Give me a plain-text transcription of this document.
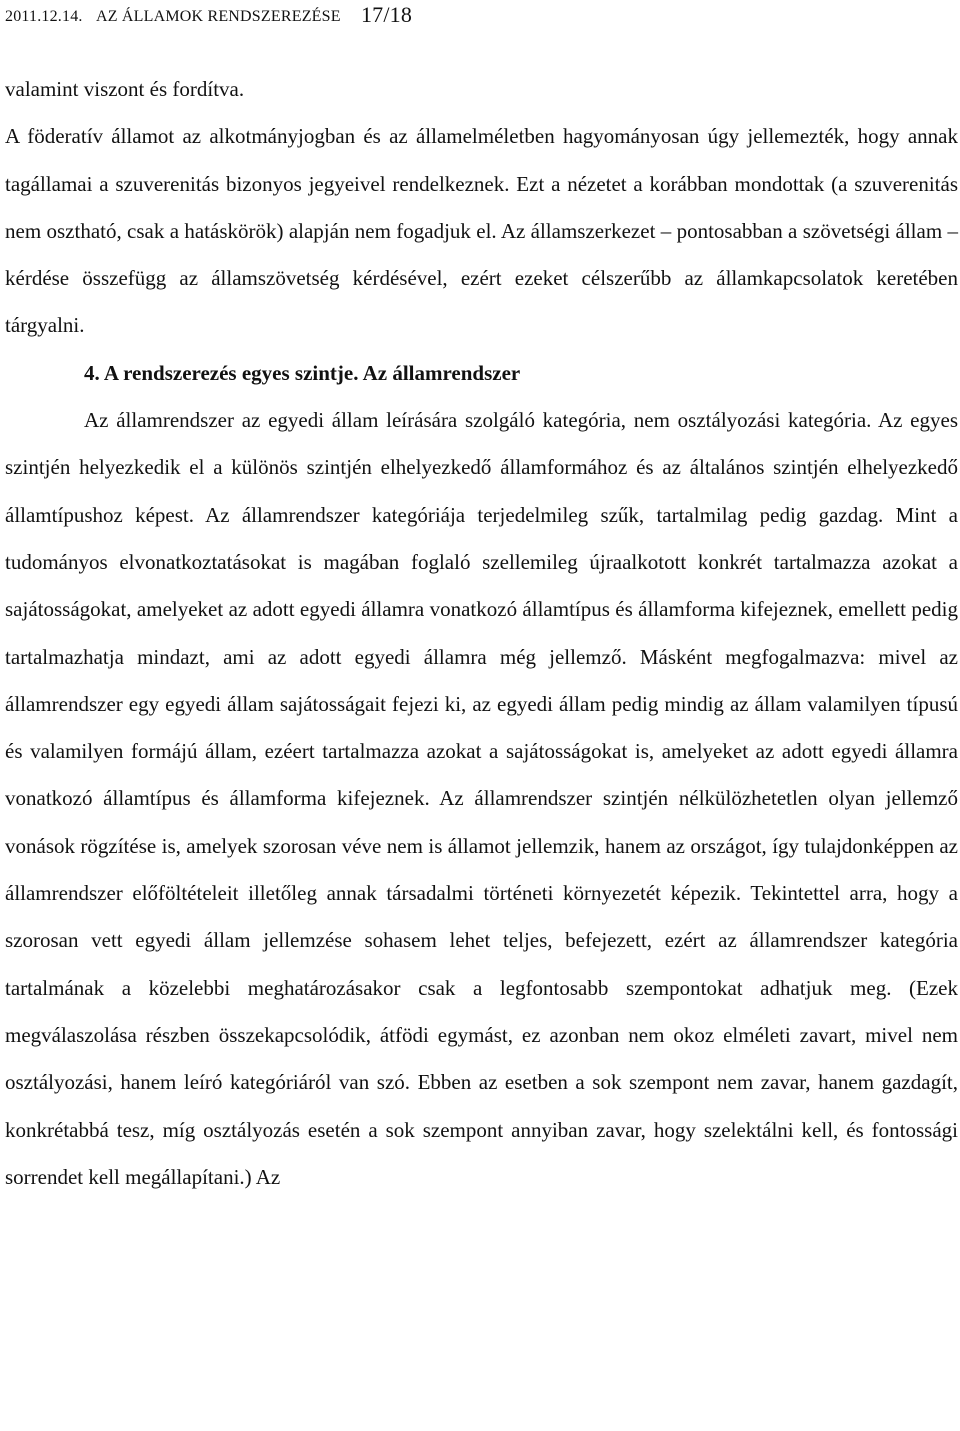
2011.12.14. AZ ÁLLAMOK RENDSZEREZÉSE 17/18

valamint viszont és fordítva.

A föderatív államot az alkotmányjogban és az államelméletben hagyományosan úgy jellemezték, hogy annak tagállamai a szuverenitás bizonyos jegyeivel rendelkeznek. Ezt a nézetet a korábban mondottak (a szuverenitás nem osztható, csak a hatáskörök) alapján nem fogadjuk el. Az államszerkezet – pontosabban a szövetségi állam – kérdése összefügg az államszövetség kérdésével, ezért ezeket célszerűbb az államkapcsolatok keretében tárgyalni.

4. A rendszerezés egyes szintje. Az államrendszer

Az államrendszer az egyedi állam leírására szolgáló kategória, nem osztályozási kategória. Az egyes szintjén helyezkedik el a különös szintjén elhelyezkedő államformához és az általános szintjén elhelyezkedő államtípushoz képest. Az államrendszer kategóriája terjedelmileg szűk, tartalmilag pedig gazdag. Mint a tudományos elvonatkoztatásokat is magában foglaló szellemileg újraalkotott konkrét tartalmazza azokat a sajátosságokat, amelyeket az adott egyedi államra vonatkozó államtípus és államforma kifejeznek, emellett pedig tartalmazhatja mindazt, ami az adott egyedi államra még jellemző. Másként megfogalmazva: mivel az államrendszer egy egyedi állam sajátosságait fejezi ki, az egyedi állam pedig mindig az állam valamilyen típusú és valamilyen formájú állam, ezéert tartalmazza azokat a sajátosságokat is, amelyeket az adott egyedi államra vonatkozó államtípus és államforma kifejeznek. Az államrendszer szintjén nélkülözhetetlen olyan jellemző vonások rögzítése is, amelyek szorosan véve nem is államot jellemzik, hanem az országot, így tulajdonképpen az államrendszer előföltételeit illetőleg annak társadalmi történeti környezetét képezik. Tekintettel arra, hogy a szorosan vett egyedi állam jellemzése sohasem lehet teljes, befejezett, ezért az államrendszer kategória tartalmának a közelebbi meghatározásakor csak a legfontosabb szempontokat adhatjuk meg. (Ezek megválaszolása részben összekapcsolódik, átfödi egymást, ez azonban nem okoz elméleti zavart, mivel nem osztályozási, hanem leíró kategóriáról van szó. Ebben az esetben a sok szempont nem zavar, hanem gazdagít, konkrétabbá tesz, míg osztályozás esetén a sok szempont annyiban zavar, hogy szelektálni kell, és fontossági sorrendet kell megállapítani.) Az
